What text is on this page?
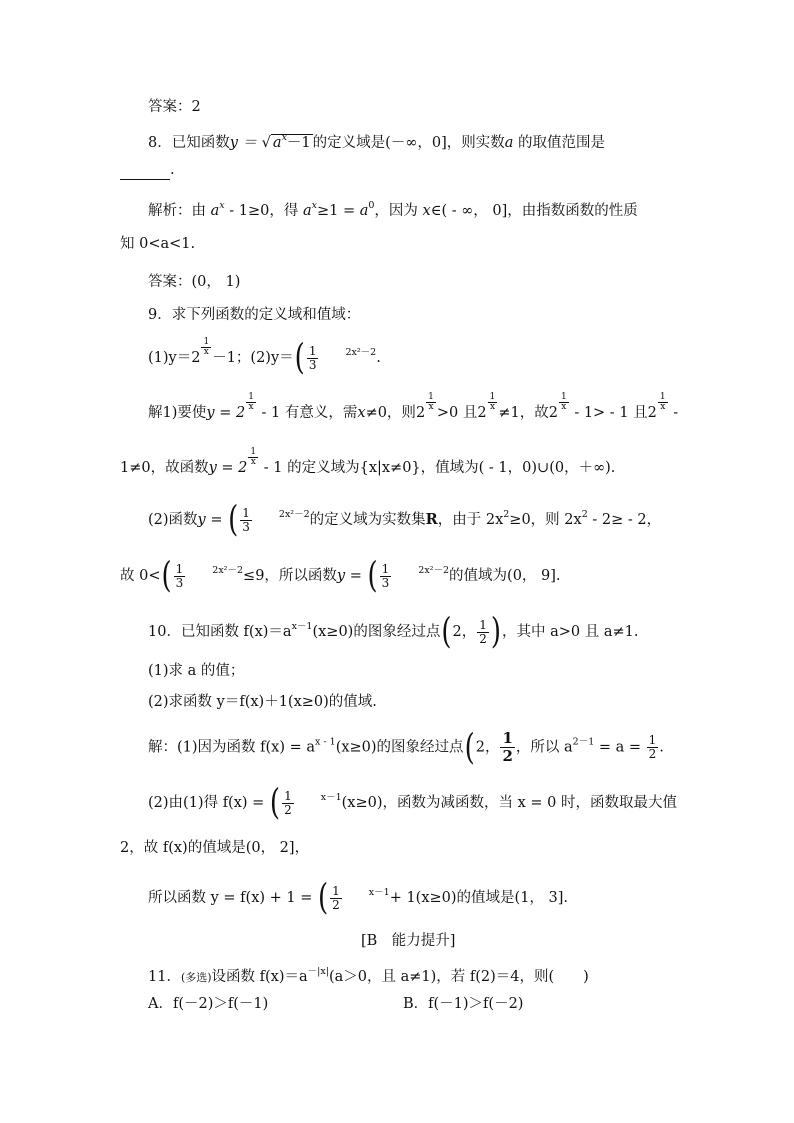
答案：2
8．已知函数y ＝ √ $a^x-1$ 的定义域是(－∞，0]，则实数a 的取值范围是
.
解析：由 $a^x - 1\ge 0$，得 $a^x\ge 1 = a^0$，因为 x∈( - ∞， 0]，由指数函数的性质
知 0<a<1.
答案：(0， 1)
9．求下列函数的定义域和值域：
(1)y＝2
$\frac{1}{x}$
－1；$(2)y=( \frac{1}{3}$	$^{2x^2-2}$.
解1)要使y = 2
$\frac{1}{x}$
- 1 有意义，需x≠0，则2
$\frac{1}{x}$
>0 且2
$\frac{1}{x}$
≠1，故2
$\frac{1}{x}$
- 1> - 1 且2
$\frac{1}{x}$
-
1≠0，故函数y = 2
$\frac{1}{x}$
- 1 的定义域为{x|x≠0}，值域为( - 1，0)∪(0，＋∞).
(2)函数y = ( $\frac{1}{3}$	$^{2x^2-2}$的定义域为实数集R，由于 $2x^2\ge 0$，则 $2x^2 - 2\ge - 2$，
故 $0<( \frac{1}{3}$	$^{2x^2-2}$≤9，所以函数y = ( $\frac{1}{3}$	$^{2x^2-2}$的值域为(0， 9].
10．已知函数 $f(x)=a^{x-1}(x\ge 0)$的图象经过点(2， $\frac{1}{2}$ )，其中 a>0 且 a≠1.
(1)求 a 的值；
(2)求函数 y＝f(x)＋1(x≥0)的值域.
解：(1)因为函数 $f(x) = a^{x - 1}(x\ge 0)$的图象经过点(2， $\frac{1}{2}$ ，所以 $a^{2-1} = a = \frac{1}{2}$ .
(2)由(1)得 f(x) = ( $\frac{1}{2}$	$^{x-1}$(x≥0)，函数为减函数，当 x = 0 时，函数取最大值
2，故 f(x)的值域是(0， 2]，
所以函数 y = f(x) + 1 = ( $\frac{1}{2}$	$^{x-1}$+ 1(x≥0)的值域是(1， 3].
[B　能力提升]
11．(多选)设函数 $f(x)=a^{-|x|}(a>0$，且 a≠1)，若 f(2)＝4，则(　　)
A．f(－2)＞f(－1)	B．f(－1)＞f(－2)
